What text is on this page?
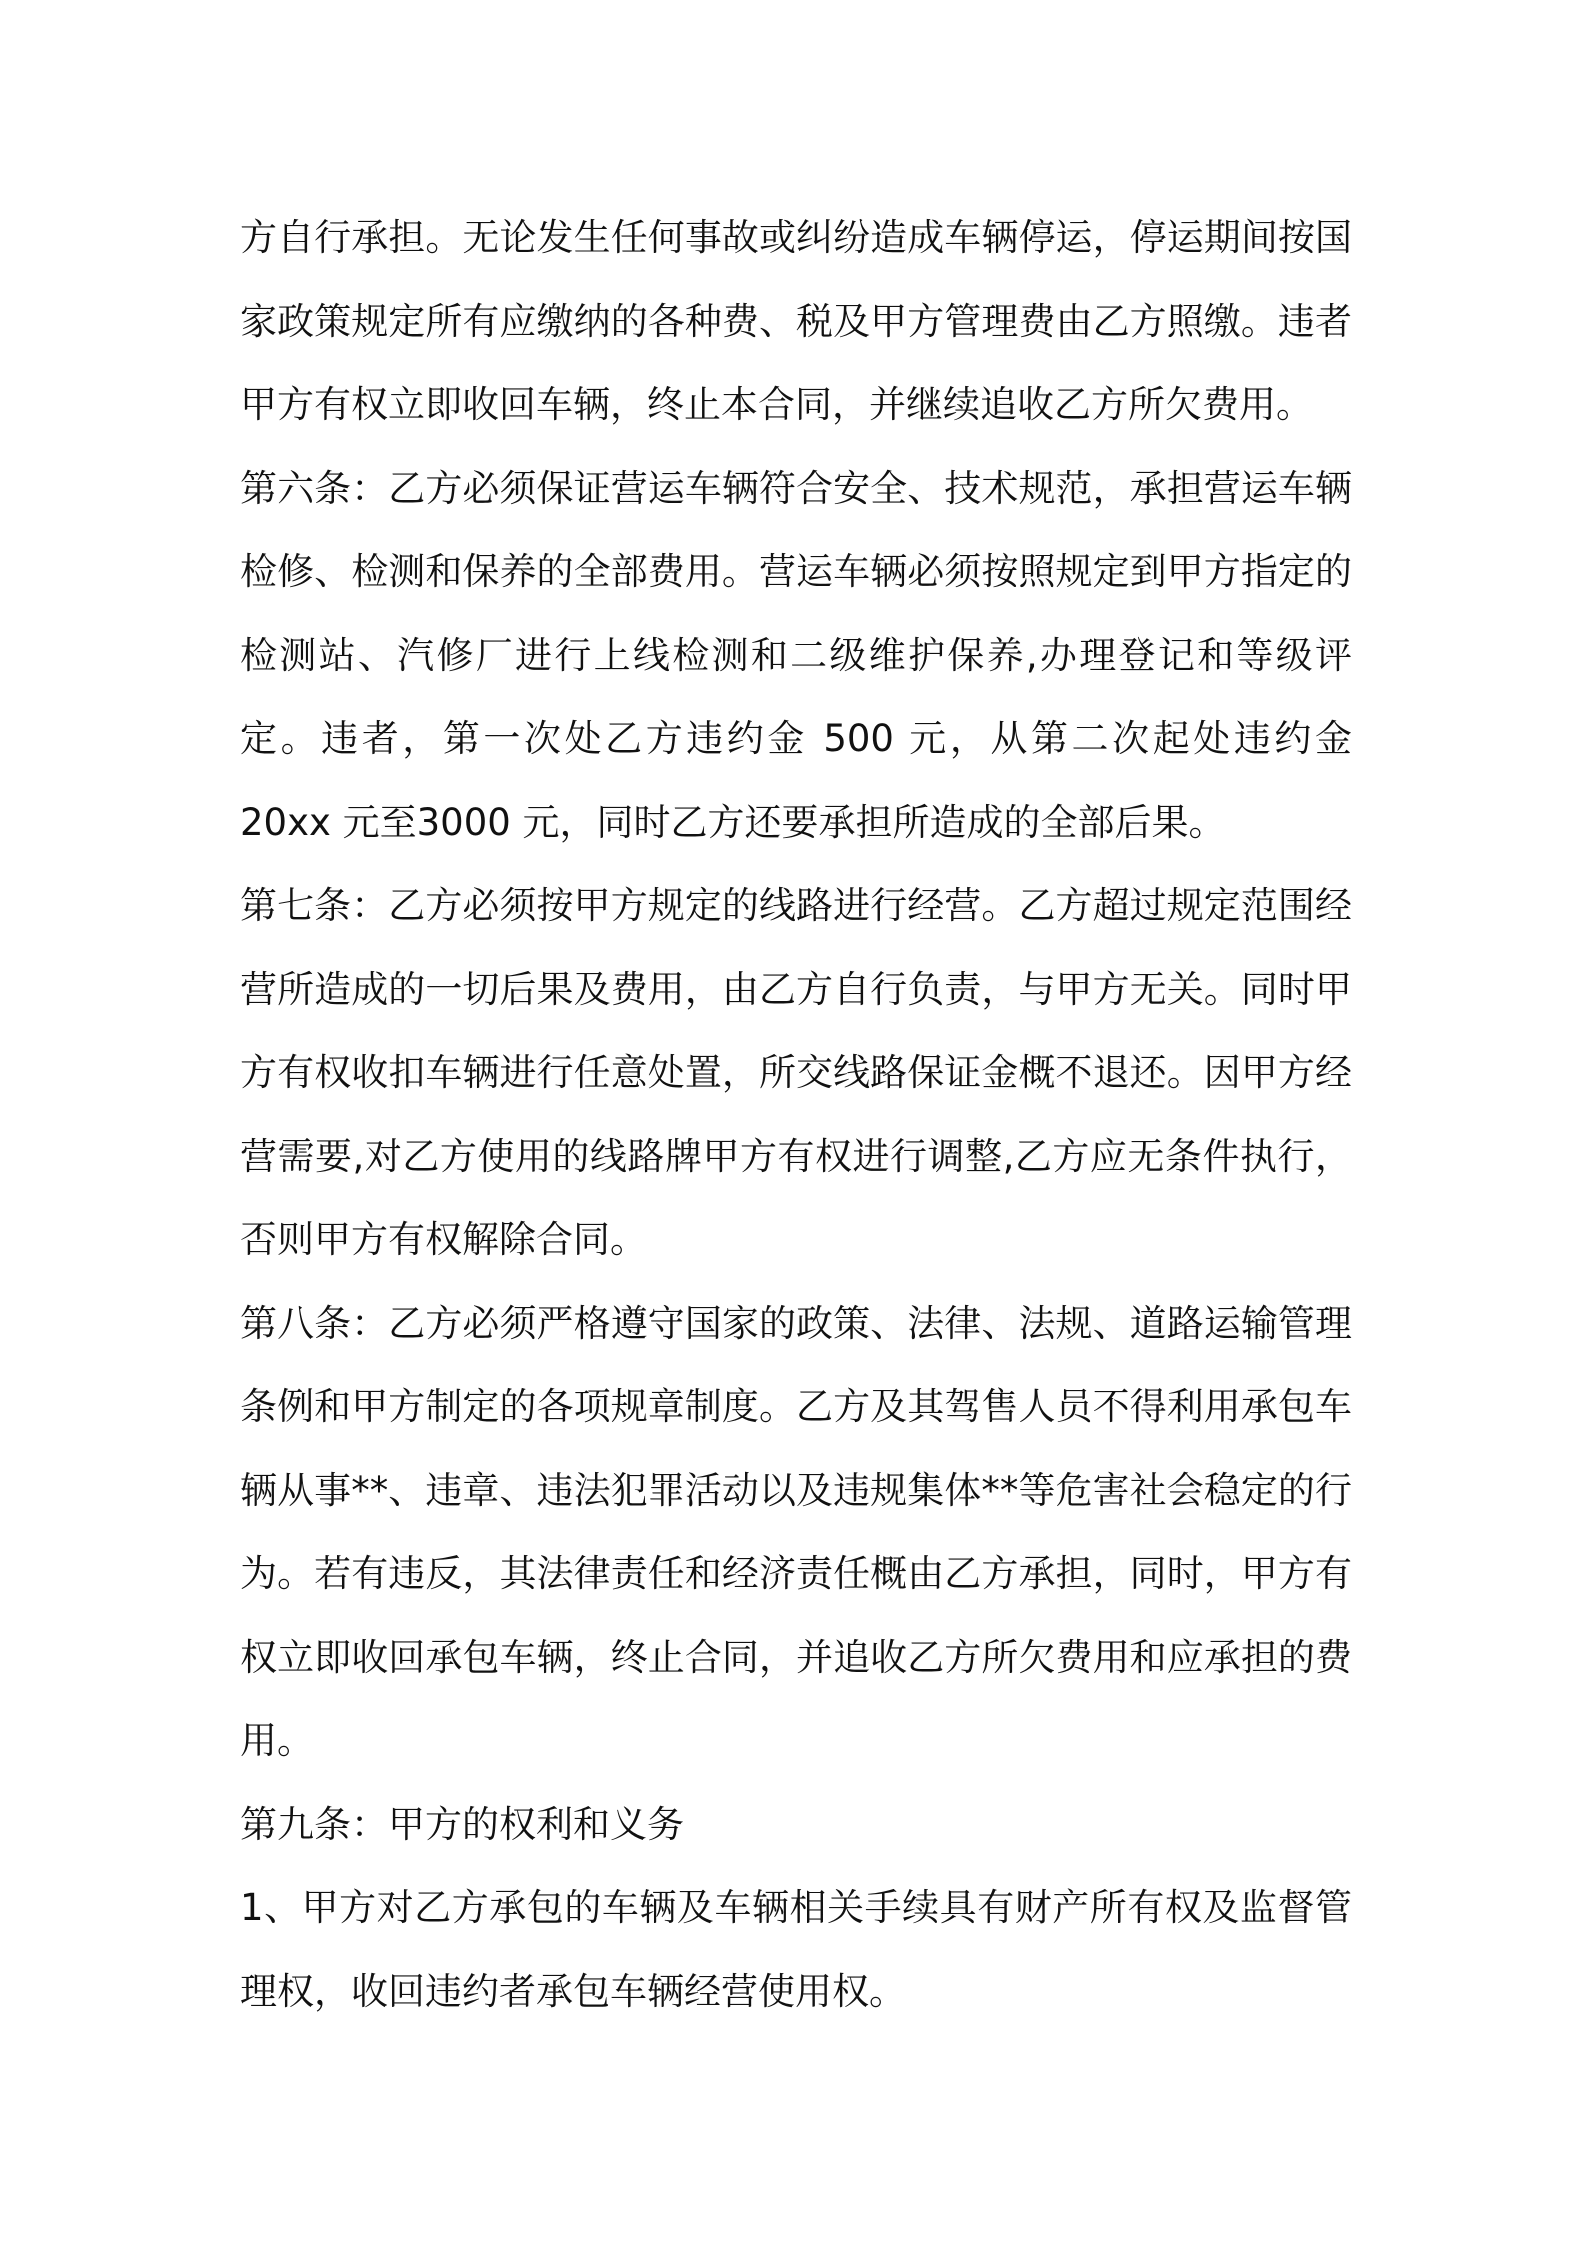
方自行承担。无论发生任何事故或纠纷造成车辆停运，停运期间按国家政策规定所有应缴纳的各种费、税及甲方管理费由乙方照缴。违者甲方有权立即收回车辆，终止本合同，并继续追收乙方所欠费用。

第六条：乙方必须保证营运车辆符合安全、技术规范，承担营运车辆检修、检测和保养的全部费用。营运车辆必须按照规定到甲方指定的检测站、汽修厂进行上线检测和二级维护保养,办理登记和等级评定。违者，第一次处乙方违约金 500 元，从第二次起处违约金 20xx 元至3000 元，同时乙方还要承担所造成的全部后果。

第七条：乙方必须按甲方规定的线路进行经营。乙方超过规定范围经营所造成的一切后果及费用，由乙方自行负责，与甲方无关。同时甲方有权收扣车辆进行任意处置，所交线路保证金概不退还。因甲方经营需要,对乙方使用的线路牌甲方有权进行调整,乙方应无条件执行，否则甲方有权解除合同。

第八条：乙方必须严格遵守国家的政策、法律、法规、道路运输管理条例和甲方制定的各项规章制度。乙方及其驾售人员不得利用承包车辆从事**、违章、违法犯罪活动以及违规集体**等危害社会稳定的行为。若有违反，其法律责任和经济责任概由乙方承担，同时，甲方有权立即收回承包车辆，终止合同，并追收乙方所欠费用和应承担的费用。

第九条：甲方的权利和义务

1、甲方对乙方承包的车辆及车辆相关手续具有财产所有权及监督管理权，收回违约者承包车辆经营使用权。
